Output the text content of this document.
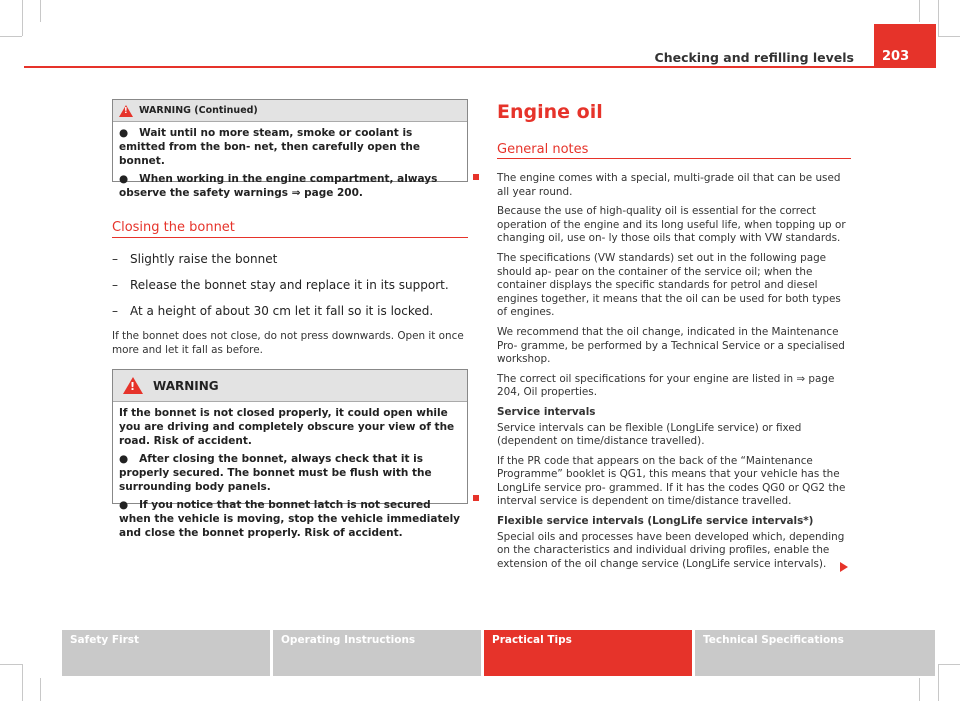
Checking and refilling levels	203
!
WARNING (Continued)

●   Wait until no more steam, smoke or coolant is emitted from the bon- net, then carefully open the bonnet.

●   When working in the engine compartment, always observe the safety warnings ⇒ page 200.

Closing the bonnet
–	Slightly raise the bonnet
–	Release the bonnet stay and replace it in its support.
–	At a height of about 30 cm let it fall so it is locked.

If the bonnet does not close, do not press downwards. Open it once more and let it fall as before.

!
WARNING

If the bonnet is not closed properly, it could open while you are driving and completely obscure your view of the road. Risk of accident.

●   After closing the bonnet, always check that it is properly secured. The bonnet must be flush with the surrounding body panels.

●   If you notice that the bonnet latch is not secured when the vehicle is moving, stop the vehicle immediately and close the bonnet properly. Risk of accident.

Engine oil
General notes

The engine comes with a special, multi-grade oil that can be used all year round.

Because the use of high-quality oil is essential for the correct operation of the engine and its long useful life, when topping up or changing oil, use on- ly those oils that comply with VW standards.

The specifications (VW standards) set out in the following page should ap- pear on the container of the service oil; when the container displays the specific standards for petrol and diesel engines together, it means that the oil can be used for both types of engines.

We recommend that the oil change, indicated in the Maintenance Pro- gramme, be performed by a Technical Service or a specialised workshop.

The correct oil specifications for your engine are listed in ⇒ page 204, Oil properties.

Service intervals

Service intervals can be flexible (LongLife service) or fixed (dependent on time/distance travelled).

If the PR code that appears on the back of the “Maintenance Programme” booklet is QG1, this means that your vehicle has the LongLife service pro- grammed. If it has the codes QG0 or QG2 the interval service is dependent on time/distance travelled.

Flexible service intervals (LongLife service intervals*)

Special oils and processes have been developed which, depending on the characteristics and individual driving profiles, enable the extension of the oil change service (LongLife service intervals).

Safety First	Operating Instructions	Practical Tips	Technical Specifications
